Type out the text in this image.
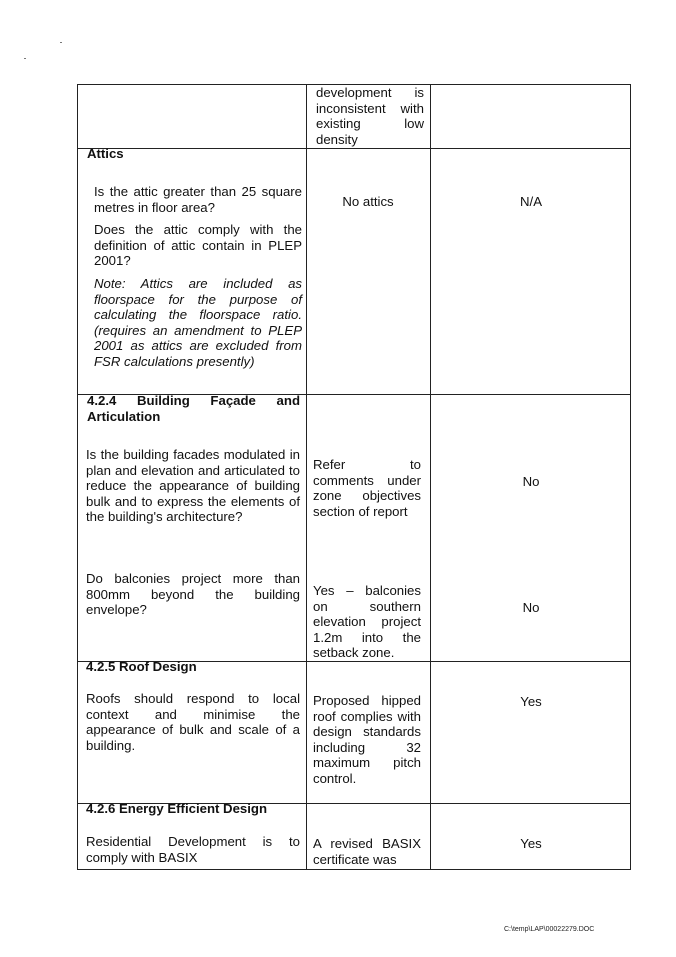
development is inconsistent with existing low density
Attics
Is the attic greater than 25 square metres in floor area?
Does the attic comply with the definition of attic contain in PLEP 2001?
Note: Attics are included as floorspace for the purpose of calculating the floorspace ratio. (requires an amendment to PLEP 2001 as attics are excluded from FSR calculations presently)
No attics	N/A
4.2.4 Building Façade and Articulation
Is the building facades modulated in plan and elevation and articulated to reduce the appearance of building bulk and to express the elements of the building's architecture?
Refer to comments under zone objectives section of report
No
Do balconies project more than 800mm beyond the building envelope?
Yes – balconies on southern elevation project 1.2m into the setback zone.
No
4.2.5 Roof Design
Roofs should respond to local context and minimise the appearance of bulk and scale of a building.
Proposed hipped roof complies with design standards including 32 maximum pitch control.
Yes
4.2.6 Energy Efficient Design
Residential Development is to comply with BASIX
A revised BASIX certificate was
Yes
C:\temp\LAP\00022279.DOC
